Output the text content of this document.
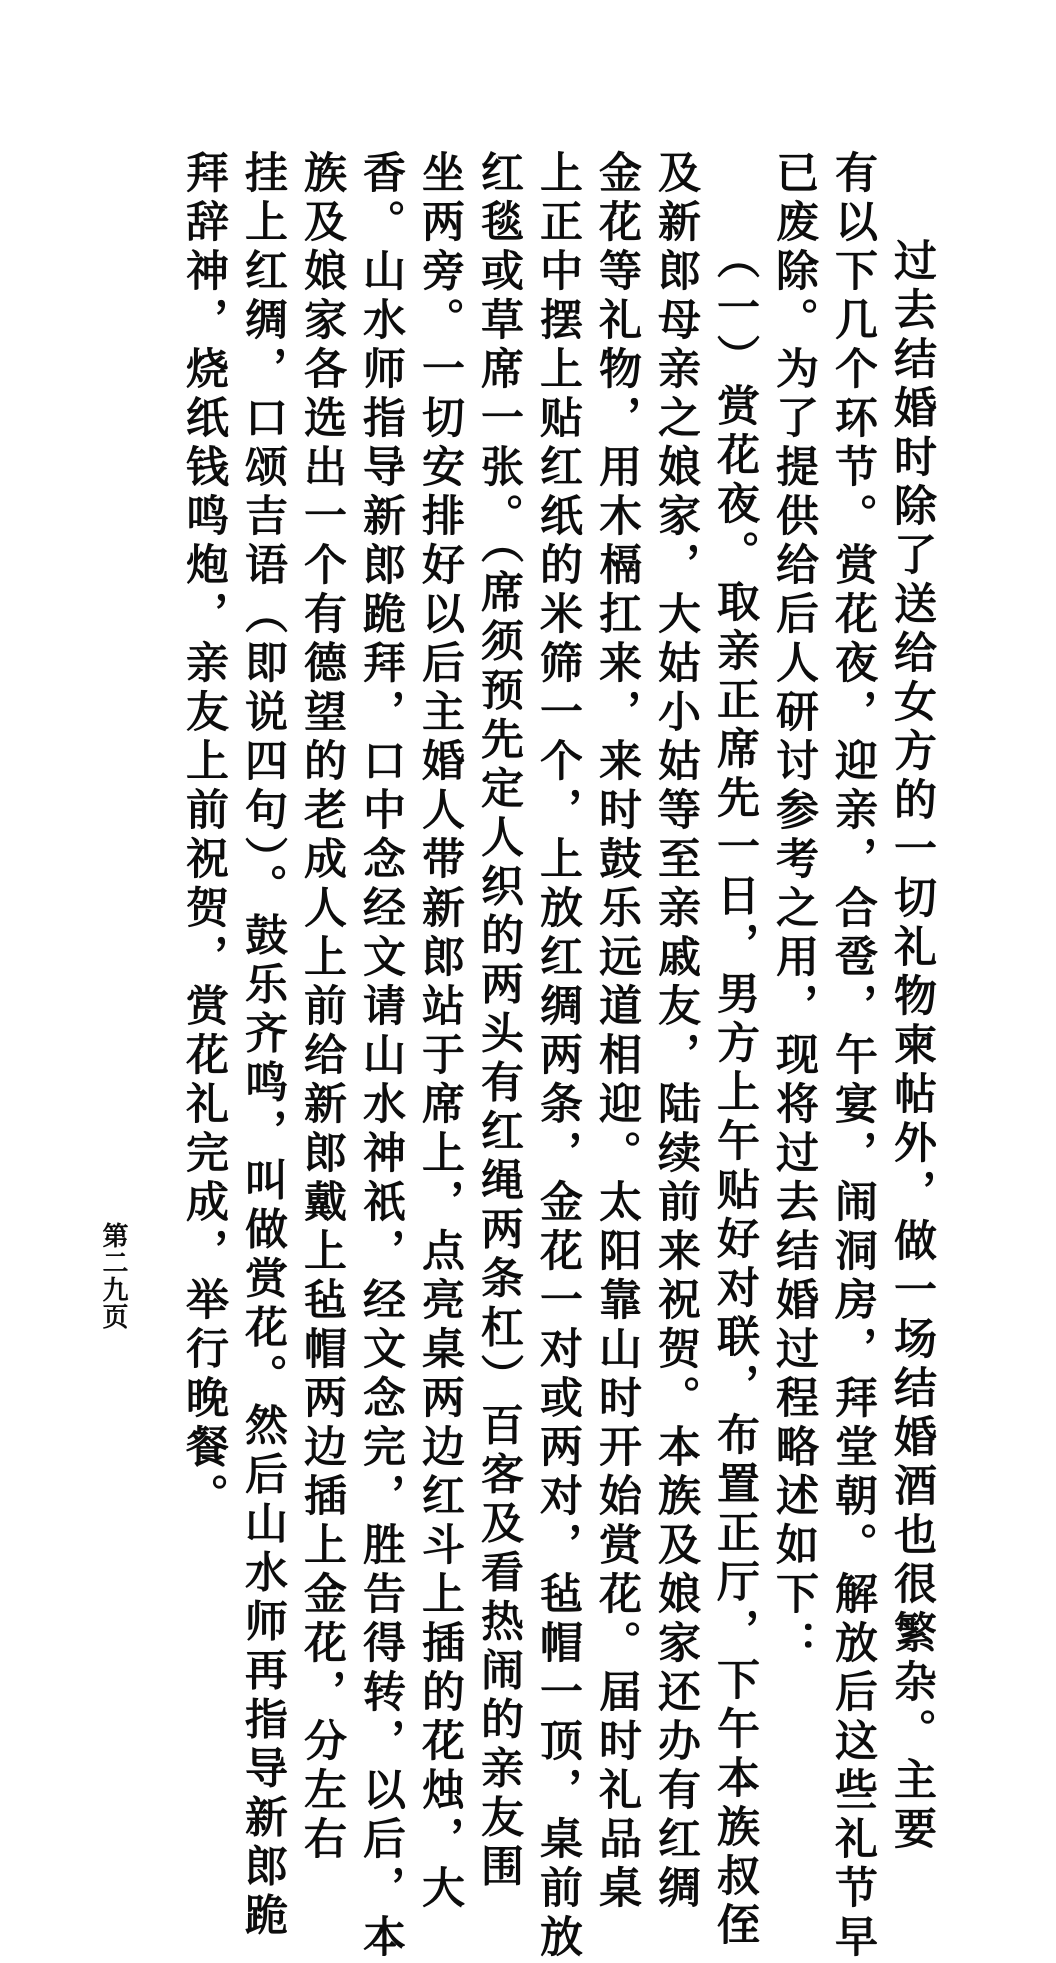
过去结婚时除了送给女方的一切礼物柬帖外，做一场结婚酒也很繁杂。主要
有以下几个环节。赏花夜，迎亲，合卺，午宴，闹洞房，拜堂朝。解放后这些礼节早
已废除。为了提供给后人研讨参考之用，现将过去结婚过程略述如下：
（一）赏花夜。取亲正席先一日，男方上午贴好对联，布置正厅，下午本族叔侄
及新郎母亲之娘家，大姑小姑等至亲戚友，陆续前来祝贺。本族及娘家还办有红绸
金花等礼物，用木槅扛来，来时鼓乐远道相迎。太阳靠山时开始赏花。届时礼品桌
上正中摆上贴红纸的米筛一个，上放红绸两条，金花一对或两对，毡帽一顶，桌前放
红毯或草席一张。（席须预先定人织的两头有红绳两条杠）百客及看热闹的亲友围
坐两旁。一切安排好以后主婚人带新郎站于席上，点亮桌两边红斗上插的花烛，大
香。山水师指导新郎跪拜，口中念经文请山水神祇，经文念完，胜告得转，以后，本
族及娘家各选出一个有德望的老成人上前给新郎戴上毡帽两边插上金花，分左右
挂上红绸，口颂吉语（即说四句）。鼓乐齐鸣，叫做赏花。然后山水师再指导新郎跪
拜辞神，烧纸钱鸣炮，亲友上前祝贺，赏花礼完成，举行晚餐。
第二九页
